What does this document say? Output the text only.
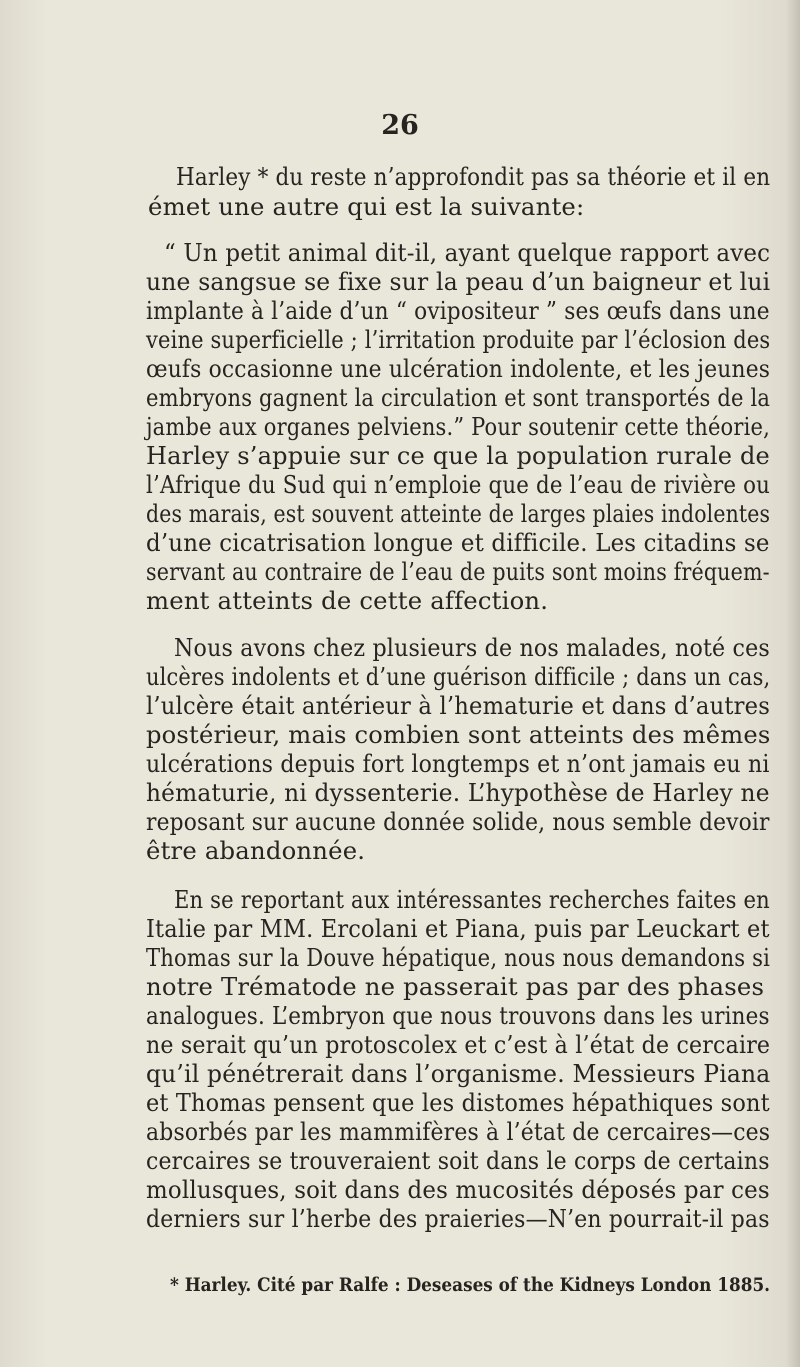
26
Harley * du reste n’approfondit pas sa théorie et il en
émet une autre qui est la suivante:
“ Un petit animal dit-il, ayant quelque rapport avec
une sangsue se fixe sur la peau d’un baigneur et lui
implante à l’aide d’un “ ovipositeur ” ses œufs dans une
veine superficielle ; l’irritation produite par l’éclosion des
œufs occasionne une ulcération indolente, et les jeunes
embryons gagnent la circulation et sont transportés de la
jambe aux organes pelviens.” Pour soutenir cette théorie,
Harley s’appuie sur ce que la population rurale de
l’Afrique du Sud qui n’emploie que de l’eau de rivière ou
des marais, est souvent atteinte de larges plaies indolentes
d’une cicatrisation longue et difficile. Les citadins se
servant au contraire de l’eau de puits sont moins fréquem-
ment atteints de cette affection.
Nous avons chez plusieurs de nos malades, noté ces
ulcères indolents et d’une guérison difficile ; dans un cas,
l’ulcère était antérieur à l’hematurie et dans d’autres
postérieur, mais combien sont atteints des mêmes
ulcérations depuis fort longtemps et n’ont jamais eu ni
hématurie, ni dyssenterie. L’hypothèse de Harley ne
reposant sur aucune donnée solide, nous semble devoir
être abandonnée.
En se reportant aux intéressantes recherches faites en
Italie par MM. Ercolani et Piana, puis par Leuckart et
Thomas sur la Douve hépatique, nous nous demandons si
notre Trématode ne passerait pas par des phases
analogues. L’embryon que nous trouvons dans les urines
ne serait qu’un protoscolex et c’est à l’état de cercaire
qu’il pénétrerait dans l’organisme. Messieurs Piana
et Thomas pensent que les distomes hépathiques sont
absorbés par les mammifères à l’état de cercaires—ces
cercaires se trouveraient soit dans le corps de certains
mollusques, soit dans des mucosités déposés par ces
derniers sur l’herbe des praieries—N’en pourrait-il pas
* Harley. Cité par Ralfe : Deseases of the Kidneys London 1885.
